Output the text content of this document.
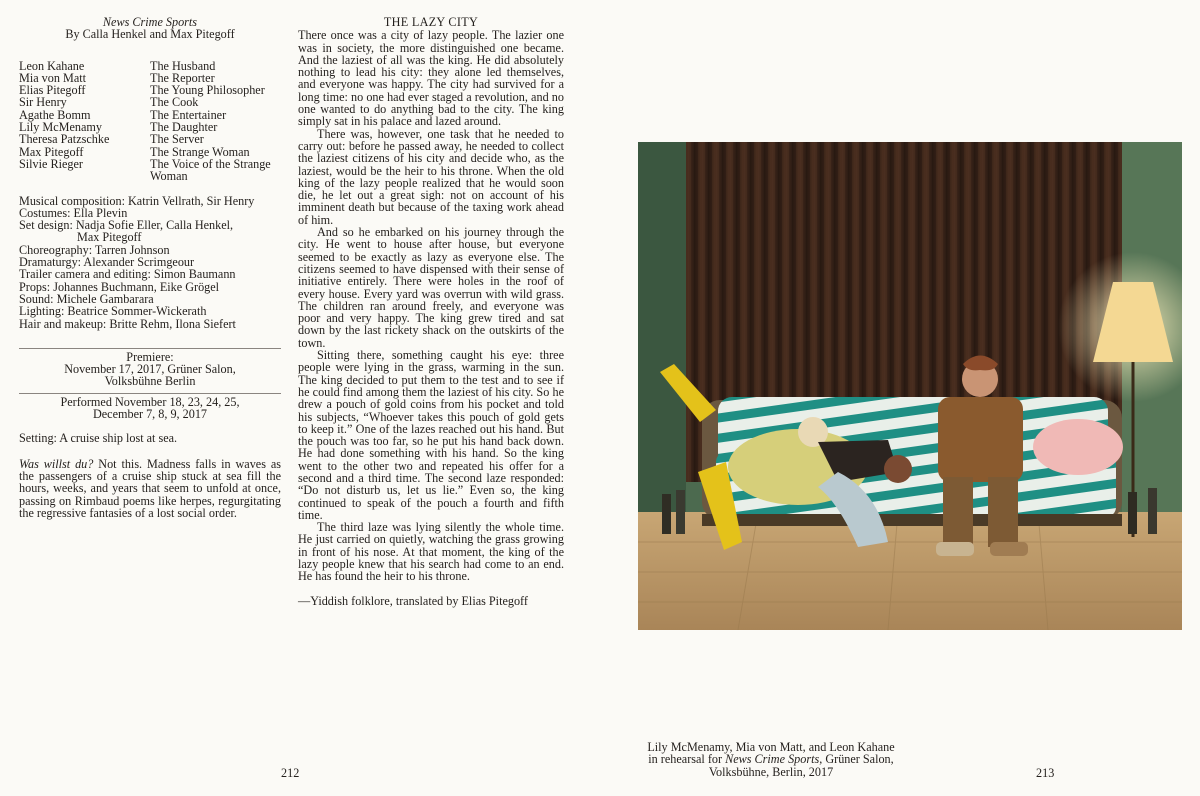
News Crime Sports
By Calla Henkel and Max Pitegoff
Leon Kahane
Mia von Matt
Elias Pitegoff
Sir Henry
Agathe Bomm
Lily McMenamy
Theresa Patzschke
Max Pitegoff
Silvie Rieger
The Husband
The Reporter
The Young Philosopher
The Cook
The Entertainer
The Daughter
The Server
The Strange Woman
The Voice of the Strange
Woman
Musical composition: Katrin Vellrath, Sir Henry
Costumes: Ella Plevin
Set design: Nadja Sofie Eller, Calla Henkel,
Max Pitegoff
Choreography: Tarren Johnson
Dramaturgy: Alexander Scrimgeour
Trailer camera and editing: Simon Baumann
Props: Johannes Buchmann, Eike Grögel
Sound: Michele Gambarara
Lighting: Beatrice Sommer-Wickerath
Hair and makeup: Britte Rehm, Ilona Siefert
Premiere:
November 17, 2017, Grüner Salon,
Volksbühne Berlin
Performed November 18, 23, 24, 25,
December 7, 8, 9, 2017
Setting: A cruise ship lost at sea.
Was willst du? Not this. Madness falls in waves as the passengers of a cruise ship stuck at sea fill the hours, weeks, and years that seem to unfold at once, passing on Rimbaud poems like herpes, regurgitating the regressive fantasies of a lost social order.
THE LAZY CITY

There once was a city of lazy people. The lazier one was in society, the more distinguished one became. And the laziest of all was the king. He did absolutely nothing to lead his city: they alone led themselves, and everyone was happy. The city had survived for a long time: no one had ever staged a revolution, and no one wanted to do anything bad to the city. The king simply sat in his palace and lazed around.

There was, however, one task that he needed to carry out: before he passed away, he needed to collect the laziest citizens of his city and decide who, as the laziest, would be the heir to his throne. When the old king of the lazy people realized that he would soon die, he let out a great sigh: not on account of his imminent death but because of the taxing work ahead of him.

And so he embarked on his journey through the city. He went to house after house, but everyone seemed to be exactly as lazy as everyone else. The citizens seemed to have dispensed with their sense of initiative entirely. There were holes in the roof of every house. Every yard was overrun with wild grass. The children ran around freely, and everyone was poor and very happy. The king grew tired and sat down by the last rickety shack on the outskirts of the town.

Sitting there, something caught his eye: three people were lying in the grass, warming in the sun. The king decided to put them to the test and to see if he could find among them the laziest of his city. So he drew a pouch of gold coins from his pocket and told his subjects, “Whoever takes this pouch of gold gets to keep it.” One of the lazes reached out his hand. But the pouch was too far, so he put his hand back down. He had done something with his hand. So the king went to the other two and repeated his offer for a second and a third time. The second laze responded: “Do not disturb us, let us lie.” Even so, the king continued to speak of the pouch a fourth and fifth time.

The third laze was lying silently the whole time. He just carried on quietly, watching the grass growing in front of his nose. At that moment, the king of the lazy people knew that his search had come to an end. He has found the heir to his throne.

—Yiddish folklore, translated by Elias Pitegoff
212
Lily McMenamy, Mia von Matt, and Leon Kahane
in rehearsal for News Crime Sports, Grüner Salon,
Volksbühne, Berlin, 2017	213
